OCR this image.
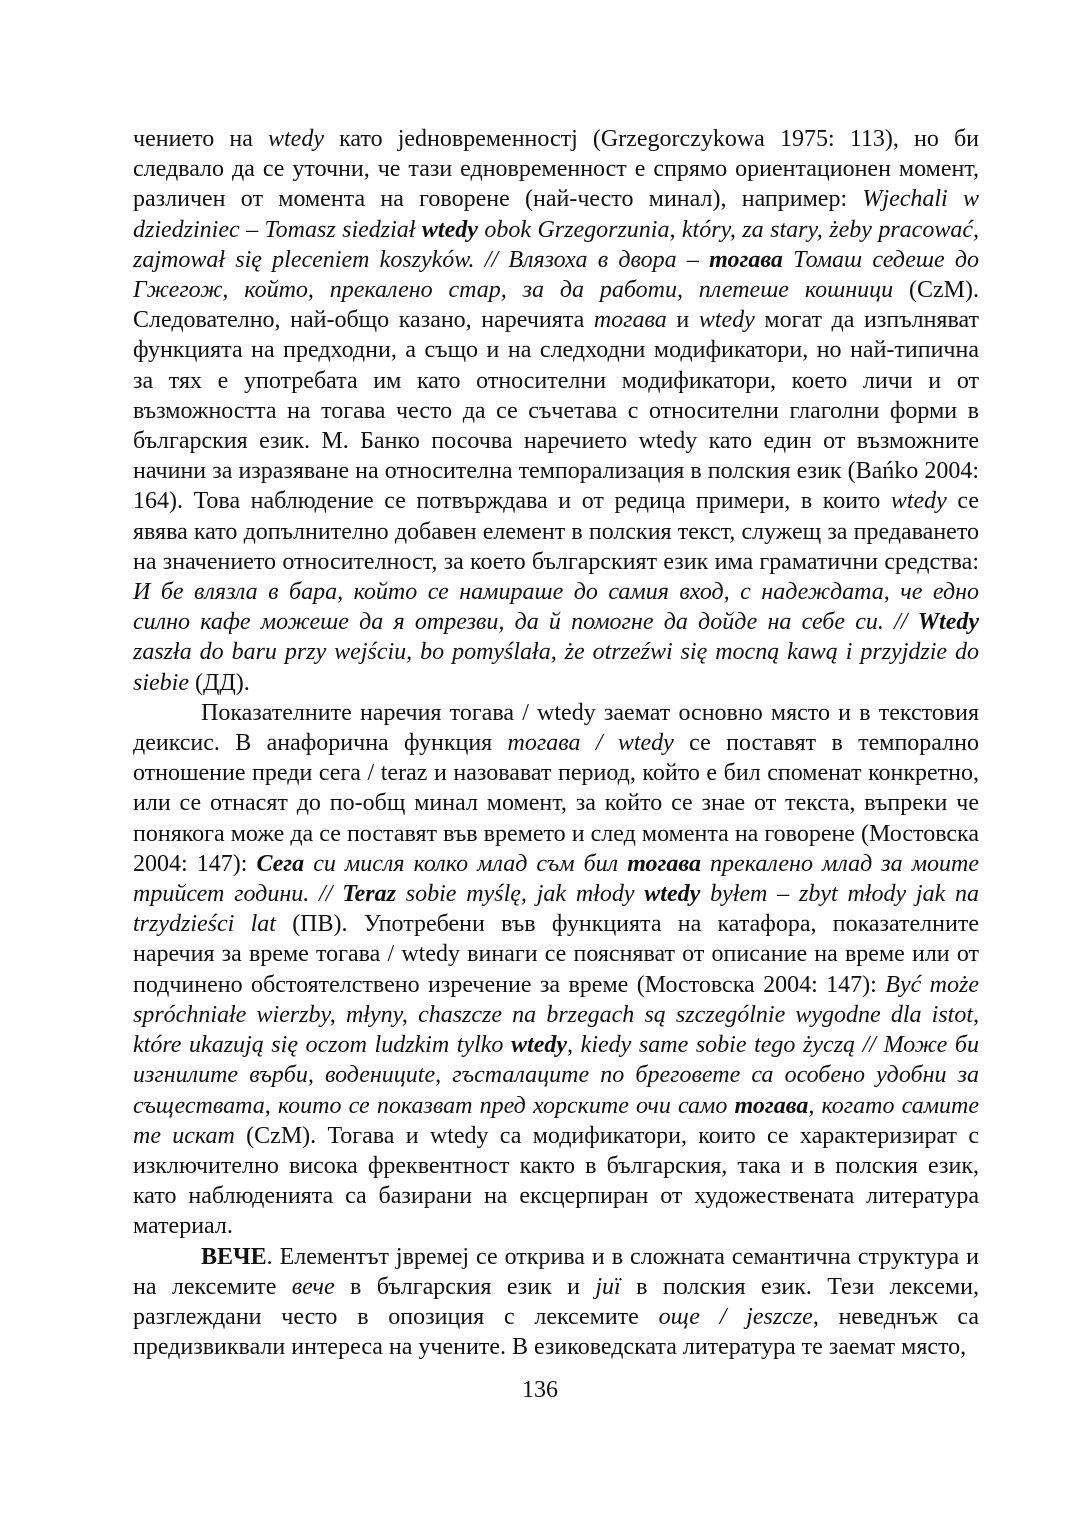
чението на wtedy като јedновременностј (Grzegorczykowa 1975: 113), но би следвало да се уточни, че тази едновременност е спрямо ориентационен момент, различен от момента на говорене (най-често минал), например: Wjechali w dziedziniec – Tomasz siedział wtedy obok Grzegorzunia, który, za stary, żeby pracować, zajmował się pleceniem koszyków. // Влязоха в двора – тогава Томаш седеше до Гжегож, който, прекалено стар, за да работи, плетеше кошници (CzM). Следователно, най-общо казано, наречията тогава и wtedy могат да изпълняват функцията на предходни, а също и на следходни модификатори, но най-типична за тях е употребата им като относителни модификатори, което личи и от възможността на тогава често да се съчетава с относителни глаголни форми в българския език. М. Банко посочва наречието wtedy като един от възможните начини за изразяване на относителна темпорализация в полския език (Bańko 2004: 164). Това наблюдение се потвърждава и от редица примери, в които wtedy се явява като допълнително добавен елемент в полския текст, служещ за предаването на значението относителност, за което българският език има граматични средства: И бе влязла в бара, който се намираше до самия вход, с надеждата, че едно силно кафе можеше да я отрезви, да й помогне да дойде на себе си. // Wtedy zaszła do baru przy wejściu, bo pomyślała, że otrzeźwi się mocną kawą i przyjdzie do siebie (ДД).

Показателните наречия тогава / wtedy заемат основно място и в текстовия деиксис. В анафорична функция тогава / wtedy се поставят в темпорално отношение преди сега / teraz и назовават период, който е бил споменат конкретно, или се отнасят до по-общ минал момент, за който се знае от текста, въпреки че понякога може да се поставят във времето и след момента на говорене (Мостовска 2004: 147): Сега си мисля колко млад съм бил тогава прекалено млад за моите трийсет години. // Teraz sobie myślę, jak młody wtedy byłem – zbyt młody jak na trzydzieści lat (ПВ). Употребени във функцията на катафора, показателните наречия за време тогава / wtedy винаги се поясняват от описание на време или от подчинено обстоятелствено изречение за време (Мостовска 2004: 147): Być może spróchniałe wierzby, młyny, chaszcze na brzegach są szczególnie wygodne dla istot, które ukazują się oczom ludzkim tylko wtedy, kiedy same sobie tego życzą // Може би изгнилите върби, воденициte, гъсталаците по бреговете са особено удобни за съществата, които се показват пред хорските очи само тогава, когато самите те искат (CzM). Тогава и wtedy са модификатори, които се характеризират с изключително висока фреквентност както в българския, така и в полския език, като наблюденията са базирани на ексцерпиран от художествената литература материал.

ВЕЧЕ. Елементът јвремеј се открива и в сложната семантична структура и на лексемите вече в българския език и juї в полския език. Тези лексеми, разглеждани често в опозиция с лексемите още / jeszcze, неведнъж са предизвиквали интереса на учените. В езиковедската литература те заемат място,

136
